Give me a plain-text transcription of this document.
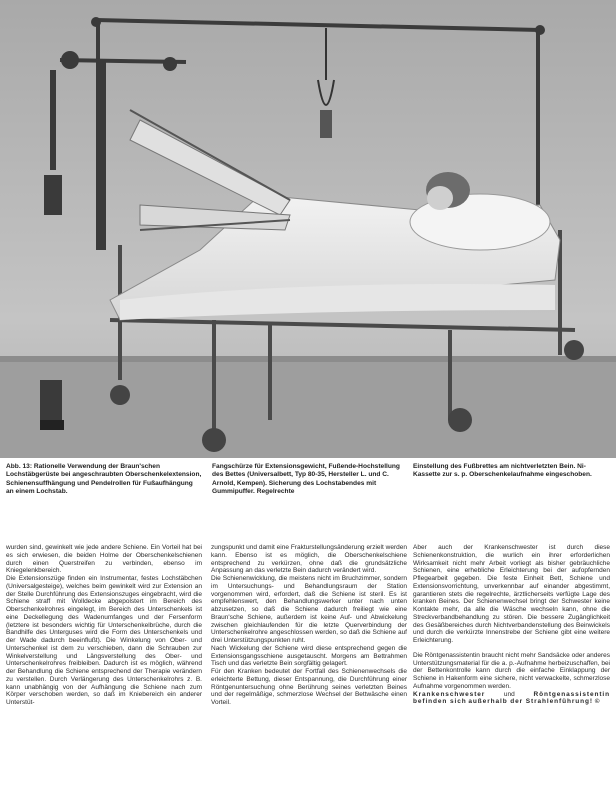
Abb. 13: Rationelle Verwendung der Braun'schen Lochstäbgerüste bei angeschraubten Oberschenkelextension, Schienensuffhängung und Pendelrollen für Fußaufhängung an einem Lochstab.
Fangschürze für Extensionsgewicht, Fußende-Hochstellung des Bettes (Universalbett, Typ 80-35, Hersteller L. und C. Arnold, Kempen). Sicherung des Lochstabendes mit Gummipuffer. Regelrechte
Einstellung des Fußbrettes am nichtverletzten Bein. Ni-Kassette zur s. p. Oberschenkelaufnahme eingeschoben.

wurden sind, gewinkelt wie jede andere Schiene. Ein Vorteil hat bei es sich erwiesen, die beiden Holme der Oberschenkelschienen durch einen Querstreifen zu verbinden, ebenso im Kniegelenkbereich.

Die Extensionszüge finden ein Instrumentar, festes Lochstäbchen (Universalgesteige), welches beim gewinkelt wird zur Extension an der Stelle Durchführung des Extensionszuges eingebracht, wird die Schiene straff mit Wolldecke abgepolstert im Bereich des Oberschenkelrohres eingelegt, im Bereich des Unterschenkels ist eine Deckellegung des Wadenumfanges und der Fersenform (letztere ist besonders wichtig für Unterschenkelbrüche, durch die Bandhilfe des Unterguses wird die Form des Unterschenkels und der Wade dadurch beeinflußt). Die Winkelung von Ober- und Unterschenkel ist dem zu verschieben, dann die Schrauben zur Winkelverstellung und Längsverstellung des Ober- und Unterschenkelrohres freibleiben. Dadurch ist es möglich, während der Behandlung die Schiene entsprechend der Therapie verändern zu verstellen. Durch Verlängerung des Unterschenkelrohrs z. B. kann unabhängig von der Aufhängung die Schiene nach zum Körper verschoben werden, so daß im Kniebereich ein anderer Unterstüt-

zungspunkt und damit eine Frakturstellungsänderung erzielt werden kann. Ebenso ist es möglich, die Oberschenkelschiene entsprechend zu verkürzen, ohne daß die grundsätzliche Anpassung an das verletzte Bein dadurch verändert wird.

Die Schienenwicklung, die meistens nicht im Bruchzimmer, sondern im Untersuchungs- und Behandlungsraum der Station vorgenommen wird, erfordert, daß die Schiene ist steril. Es ist empfehlenswert, den Behandlungswerker unter nach unten abzusetzen, so daß die Schiene dadurch freiliegt wie eine Braun'sche Schiene, außerdem ist keine Auf- und Abwickelung zwischen gleichlaufenden für die letzte Querverbindung der Unterschenkelrohre angeschlossen werden, so daß die Schiene auf drei Unterstützungspunkten ruht.

Nach Wickelung der Schiene wird diese entsprechend gegen die Extensionsgangsschiene ausgetauscht. Morgens am Bettrahmen Tisch und das verletzte Bein sorgfältig gelagert.

Für den Kranken bedeutet der Fortfall des Schienenwechsels die erleichterte Bettung, dieser Entspannung, die Durchführung einer Röntgenuntersuchung ohne Berührung seines verletzten Beines und der regelmäßige, schmerzlose Wechsel der Bettwäsche einen Vorteil.

Aber auch der Krankenschwester ist durch diese Schienenkonstruktion, die wurlich ein ihrer erforderlichen Wirksamkeit nicht mehr Arbeit vorliegt als bisher gebräuchliche Schienen, eine erhebliche Erleichterung bei der aufopfernden Pflegearbeit gegeben. Die feste Einheit Bett, Schiene und Extensionsvorrichtung, unverkennbar auf einander abgestimmt, garantieren stets die regelrechte, ärztlicherseits verfügte Lage des kranken Beines. Der Schienenwechsel bringt der Schwester keine Kontakte mehr, da alle die Wäsche wechseln kann, ohne die Streckverbandbehandlung zu stören. Die bessere Zugänglichkeit des Gesäßbereiches durch Nichtverbandenstellung des Beinwickels und durch die verkürzte Innenstrebe der Schiene gibt eine weitere Erleichterung.

Die Röntgenassistentin braucht nicht mehr Sandsäcke oder anderes Unterstützungsmaterial für die a. p.-Aufnahme herbeizuschaffen, bei der Bettenkontrolle kann durch die einfache Einklappung der Schiene in Hakenform eine sichere, nicht verwackelte, schmerzlose Aufnahme vorgenommen werden.

Krankenschwester und Röntgenassistentin befinden sich außerhalb der Strahlenführung! ©
